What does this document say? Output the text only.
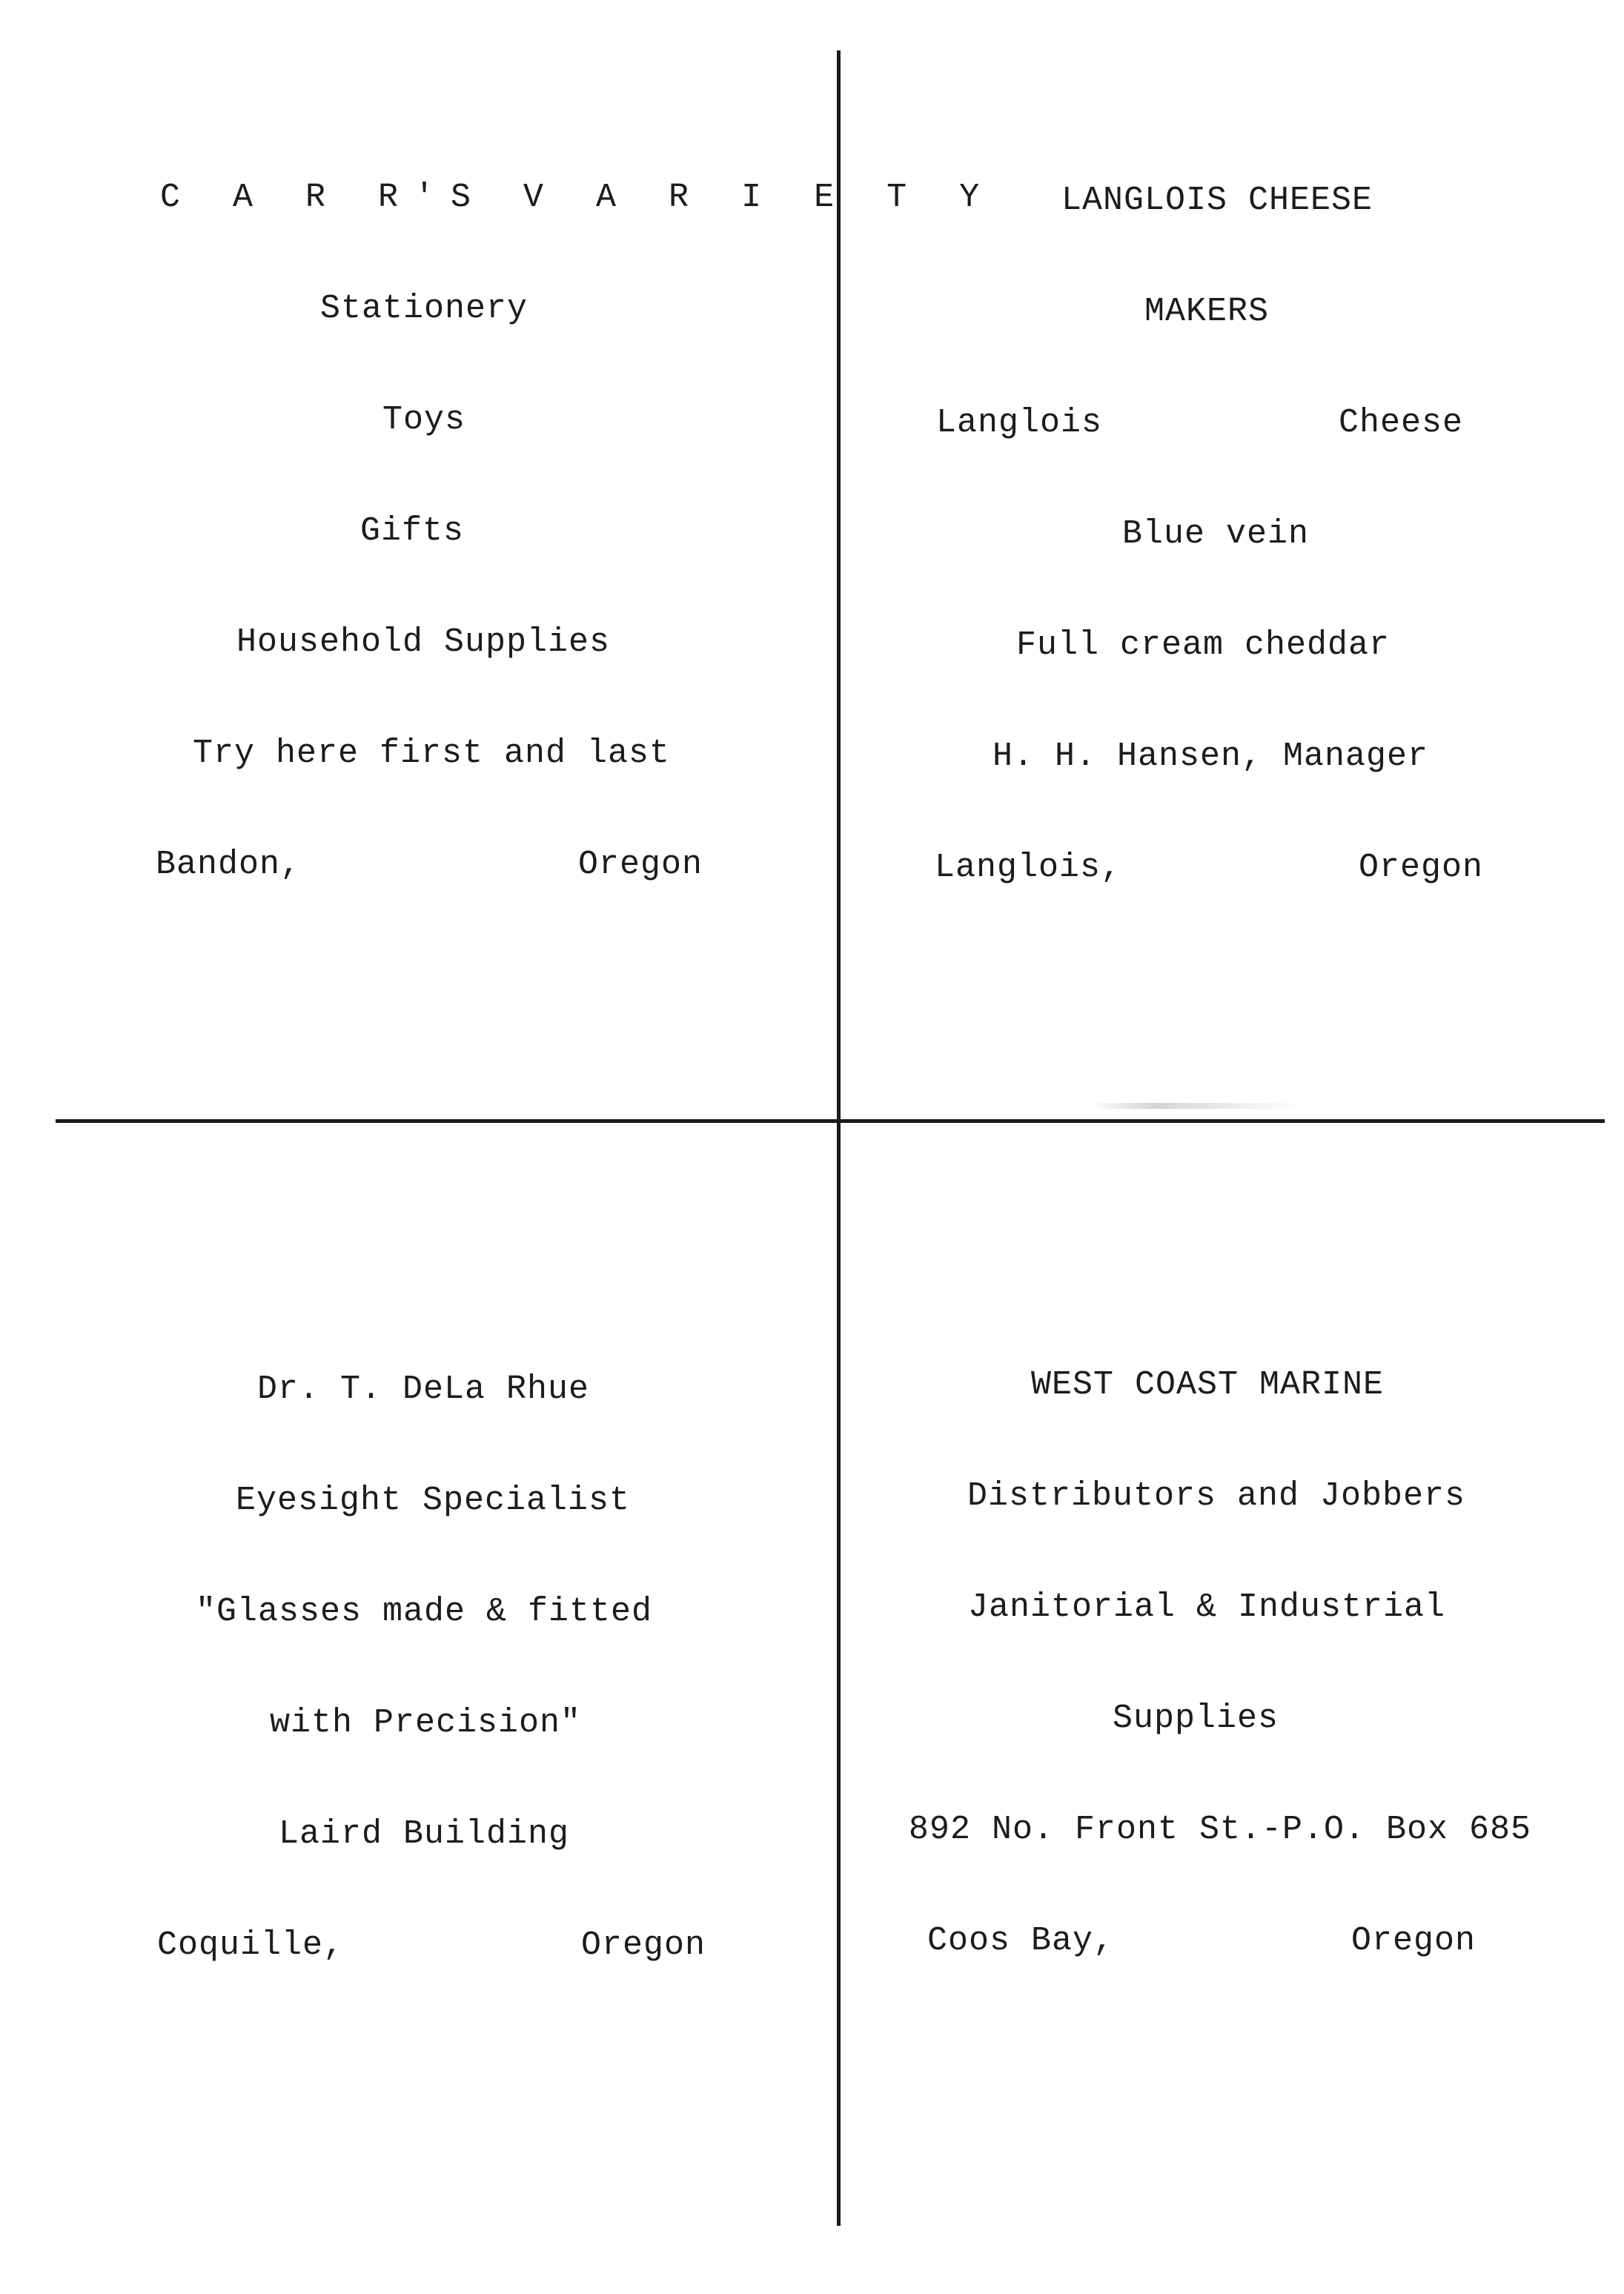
C A R R'S V A R I E T Y
Stationery
Toys
Gifts
Household Supplies
Try here first and last
Bandon,	Oregon
LANGLOIS CHEESE
MAKERS
Langlois	Cheese
Blue vein
Full cream cheddar
H. H. Hansen, Manager
Langlois,	Oregon
Dr. T. DeLa Rhue
Eyesight Specialist
"Glasses made & fitted
with Precision"
Laird Building
Coquille,	Oregon
WEST COAST MARINE
Distributors and Jobbers
Janitorial & Industrial
Supplies
892 No. Front St.-P.O. Box 685
Coos Bay,	Oregon
